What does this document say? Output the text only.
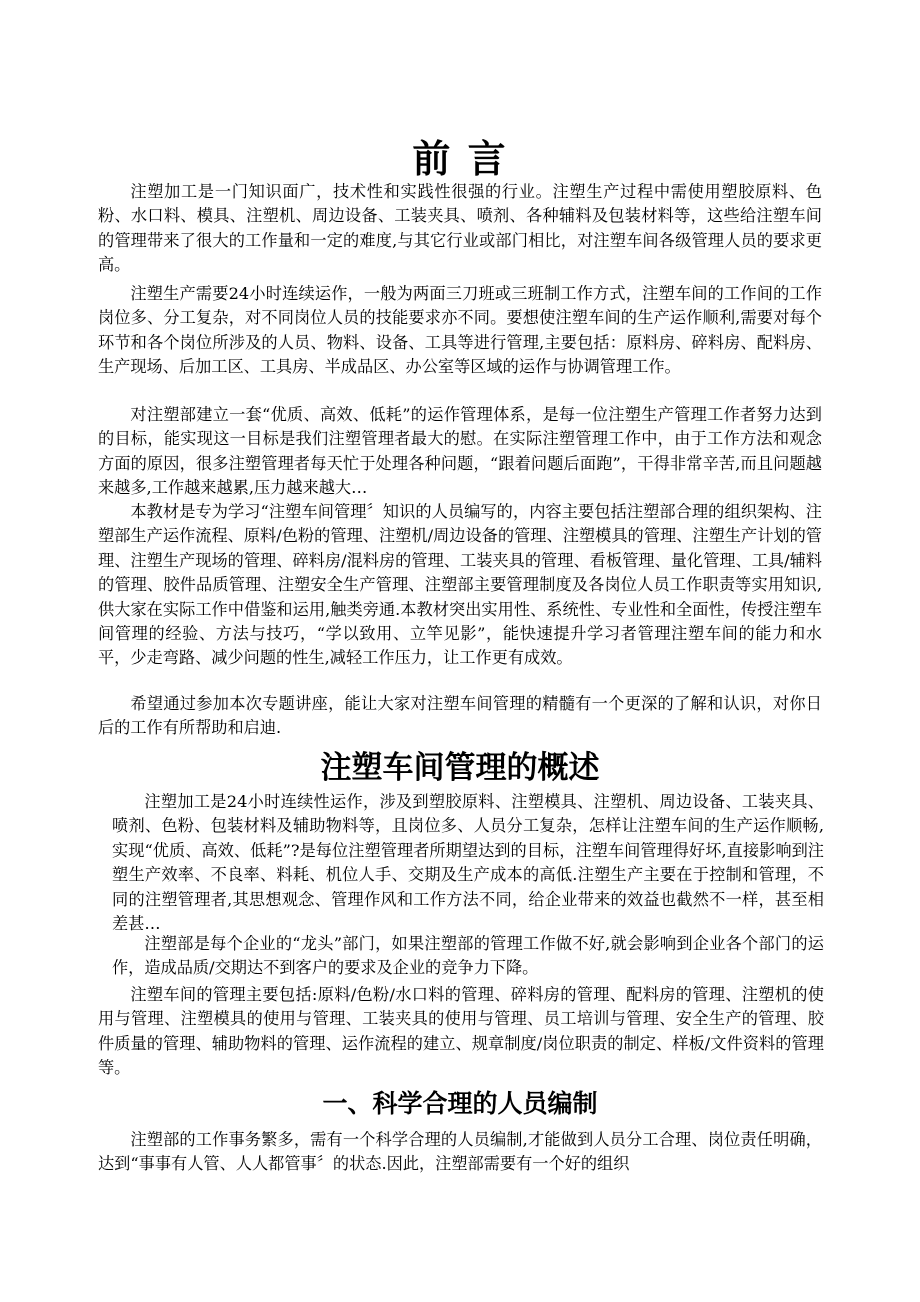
前 言

注塑加工是一门知识面广，技术性和实践性很强的行业。注塑生产过程中需使用塑胶原料、色粉、水口料、模具、注塑机、周边设备、工装夹具、喷剂、各种辅料及包装材料等，这些给注塑车间的管理带来了很大的工作量和一定的难度,与其它行业或部门相比，对注塑车间各级管理人员的要求更高。

注塑生产需要24小时连续运作，一般为两面三刀班或三班制工作方式，注塑车间的工作间的工作岗位多、分工复杂，对不同岗位人员的技能要求亦不同。要想使注塑车间的生产运作顺利,需要对每个环节和各个岗位所涉及的人员、物料、设备、工具等进行管理,主要包括：原料房、碎料房、配料房、生产现场、后加工区、工具房、半成品区、办公室等区域的运作与协调管理工作。

对注塑部建立一套“优质、高效、低耗”的运作管理体系，是每一位注塑生产管理工作者努力达到的目标，能实现这一目标是我们注塑管理者最大的慰。在实际注塑管理工作中，由于工作方法和观念方面的原因，很多注塑管理者每天忙于处理各种问题，“跟着问题后面跑”，干得非常辛苦,而且问题越来越多,工作越来越累,压力越来越大…

本教材是专为学习“注塑车间管理〞知识的人员编写的，内容主要包括注塑部合理的组织架构、注塑部生产运作流程、原料/色粉的管理、注塑机/周边设备的管理、注塑模具的管理、注塑生产计划的管理、注塑生产现场的管理、碎料房/混料房的管理、工装夹具的管理、看板管理、量化管理、工具/辅料的管理、胶件品质管理、注塑安全生产管理、注塑部主要管理制度及各岗位人员工作职责等实用知识,供大家在实际工作中借鉴和运用,触类旁通.本教材突出实用性、系统性、专业性和全面性，传授注塑车间管理的经验、方法与技巧，“学以致用、立竿见影”，能快速提升学习者管理注塑车间的能力和水平，少走弯路、减少问题的性生,减轻工作压力，让工作更有成效。

希望通过参加本次专题讲座，能让大家对注塑车间管理的精髓有一个更深的了解和认识，对你日后的工作有所帮助和启迪.

注塑车间管理的概述

注塑加工是24小时连续性运作，涉及到塑胶原料、注塑模具、注塑机、周边设备、工装夹具、喷剂、色粉、包装材料及辅助物料等，且岗位多、人员分工复杂，怎样让注塑车间的生产运作顺畅,实现“优质、高效、低耗”?是每位注塑管理者所期望达到的目标，注塑车间管理得好坏,直接影响到注塑生产效率、不良率、料耗、机位人手、交期及生产成本的高低.注塑生产主要在于控制和管理，不同的注塑管理者,其思想观念、管理作风和工作方法不同，给企业带来的效益也截然不一样，甚至相差甚…

注塑部是每个企业的“龙头”部门，如果注塑部的管理工作做不好,就会影响到企业各个部门的运作，造成品质/交期达不到客户的要求及企业的竞争力下降。

注塑车间的管理主要包括:原料/色粉/水口料的管理、碎料房的管理、配料房的管理、注塑机的使用与管理、注塑模具的使用与管理、工装夹具的使用与管理、员工培训与管理、安全生产的管理、胶件质量的管理、辅助物料的管理、运作流程的建立、规章制度/岗位职责的制定、样板/文件资料的管理等。

一、科学合理的人员编制

注塑部的工作事务繁多，需有一个科学合理的人员编制,才能做到人员分工合理、岗位责任明确，达到“事事有人管、人人都管事〞的状态.因此，注塑部需要有一个好的组织
